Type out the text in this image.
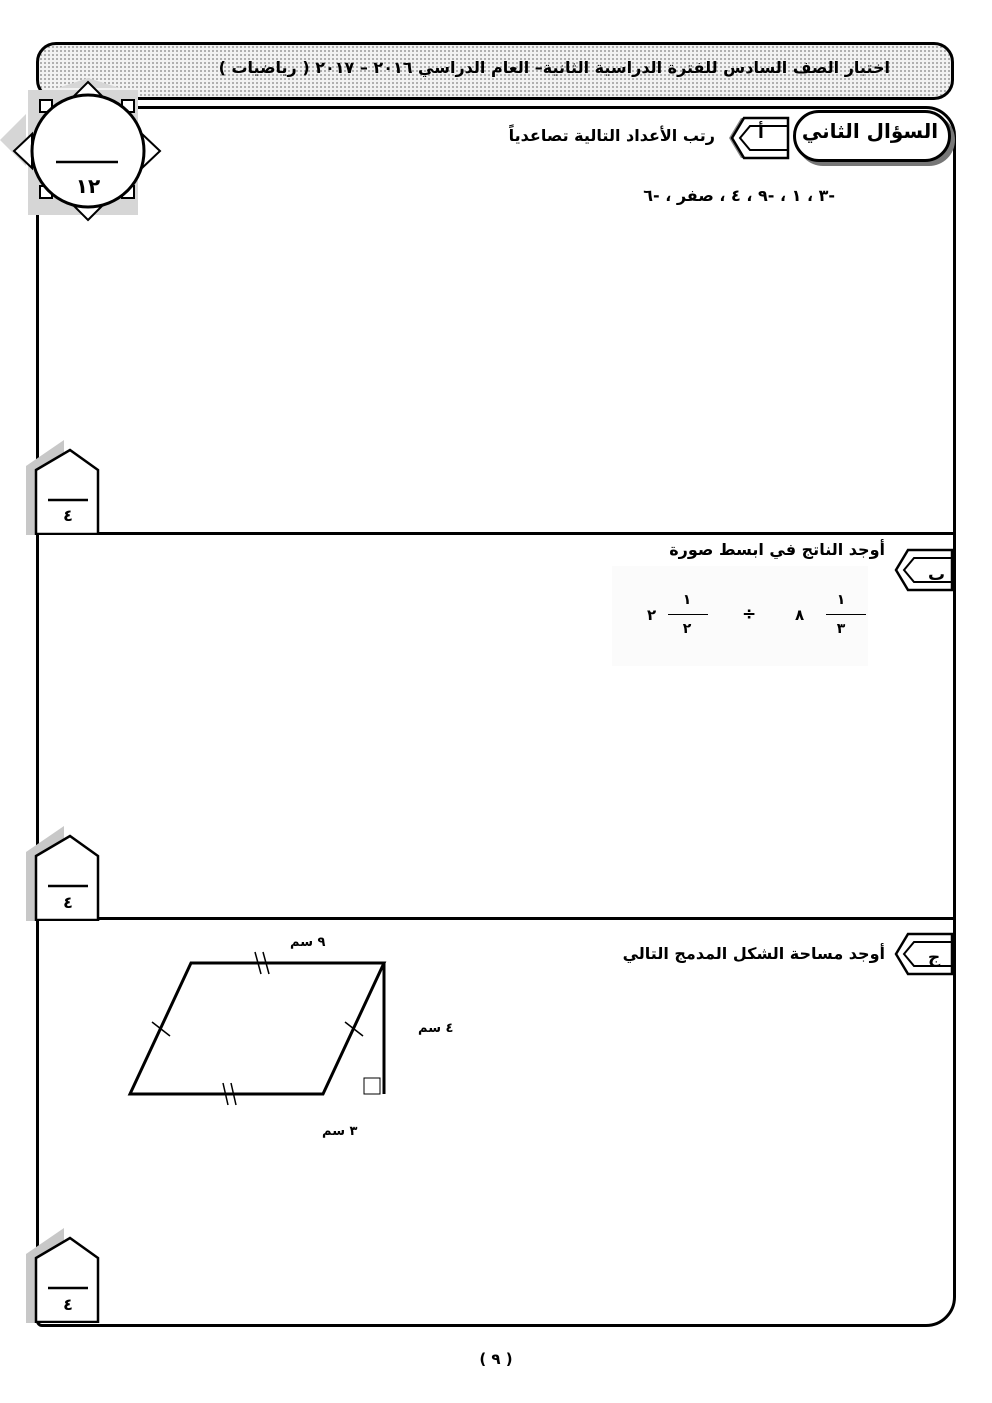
اختبار الصف السادس للفترة الدراسية الثانية– العام الدراسي ٢٠١٦ – ٢٠١٧ ( رياضيات )
١٢
السؤال الثاني
أ
رتب الأعداد التالية تصاعدياً
-٣ ، ١ ، -٩ ، ٤ ، صفر ، -٦
٤
ب
أوجد الناتج في ابسط صورة
١
٣
٨
÷
١
٢
٢
٤
ج
أوجد مساحة الشكل المدمج التالي
٩ سم
٤ سم
٣ سم
٤
( ٩ )
